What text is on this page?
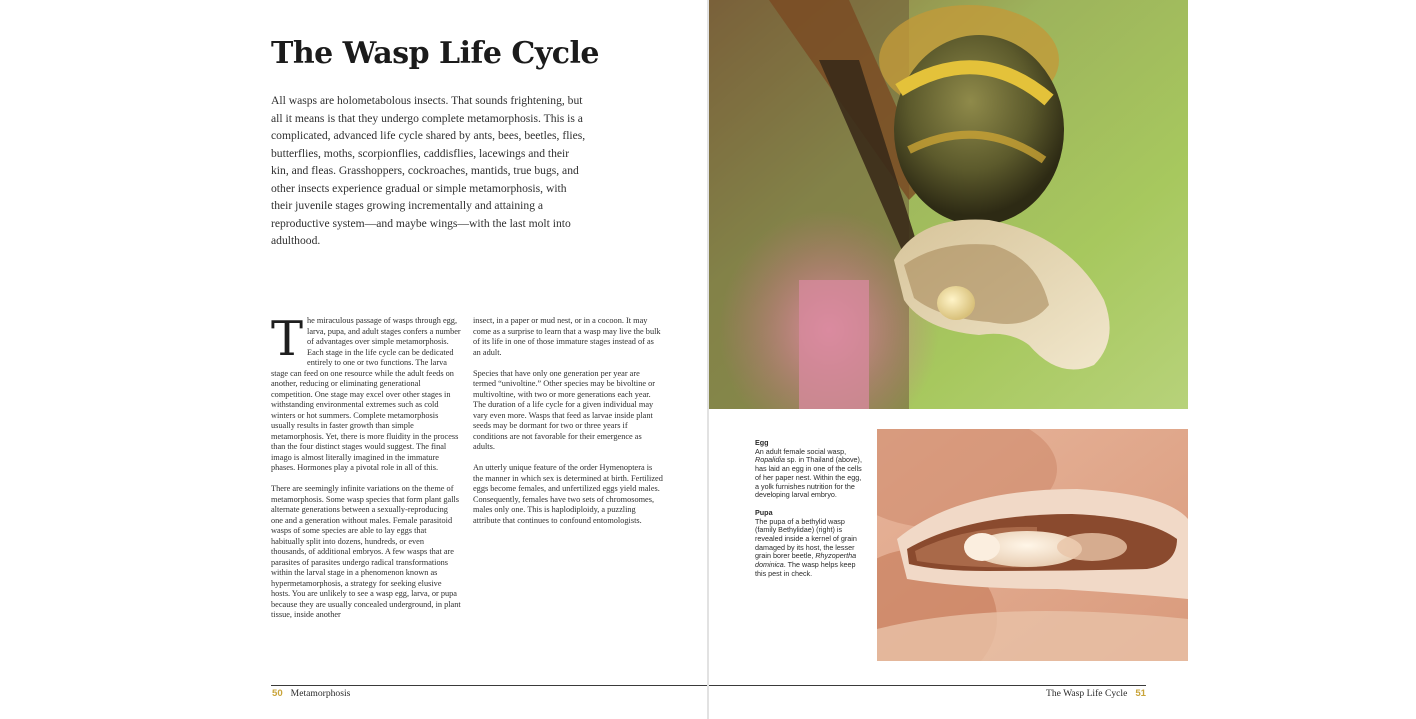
The Wasp Life Cycle

All wasps are holometabolous insects. That sounds frightening, but all it means is that they undergo complete metamorphosis. This is a complicated, advanced life cycle shared by ants, bees, beetles, flies, butterflies, moths, scorpionflies, caddisflies, lacewings and their kin, and fleas. Grasshoppers, cockroaches, mantids, true bugs, and other insects experience gradual or simple metamorphosis, with their juvenile stages growing incrementally and attaining a reproductive system—and maybe wings—with the last molt into adulthood.

The miraculous passage of wasps through egg, larva, pupa, and adult stages confers a number of advantages over simple metamorphosis. Each stage in the life cycle can be dedicated entirely to one or two functions. The larva stage can feed on one resource while the adult feeds on another, reducing or eliminating generational competition. One stage may excel over other stages in withstanding environmental extremes such as cold winters or hot summers. Complete metamorphosis usually results in faster growth than simple metamorphosis. Yet, there is more fluidity in the process than the four distinct stages would suggest. The final imago is almost literally imagined in the immature phases. Hormones play a pivotal role in all of this.

There are seemingly infinite variations on the theme of metamorphosis. Some wasp species that form plant galls alternate generations between a sexually-reproducing one and a generation without males. Female parasitoid wasps of some species are able to lay eggs that habitually split into dozens, hundreds, or even thousands, of additional embryos. A few wasps that are parasites of parasites undergo radical transformations within the larval stage in a phenomenon known as hypermetamorphosis, a strategy for seeking elusive hosts. You are unlikely to see a wasp egg, larva, or pupa because they are usually concealed underground, in plant tissue, inside another

insect, in a paper or mud nest, or in a cocoon. It may come as a surprise to learn that a wasp may live the bulk of its life in one of those immature stages instead of as an adult.

Species that have only one generation per year are termed “univoltine.” Other species may be bivoltine or multivoltine, with two or more generations each year. The duration of a life cycle for a given individual may vary even more. Wasps that feed as larvae inside plant seeds may be dormant for two or three years if conditions are not favorable for their emergence as adults.

An utterly unique feature of the order Hymenoptera is the manner in which sex is determined at birth. Fertilized eggs become females, and unfertilized eggs yield males. Consequently, females have two sets of chromosomes, males only one. This is haplodiploidy, a puzzling attribute that continues to confound entomologists.

50 Metamorphosis

Egg
An adult female social wasp, Ropalidia sp. in Thailand (above), has laid an egg in one of the cells of her paper nest. Within the egg, a yolk furnishes nutrition for the developing larval embryo.

Pupa
The pupa of a bethylid wasp (family Bethylidae) (right) is revealed inside a kernel of grain damaged by its host, the lesser grain borer beetle, Rhyzopertha dominica. The wasp helps keep this pest in check.

The Wasp Life Cycle 51
